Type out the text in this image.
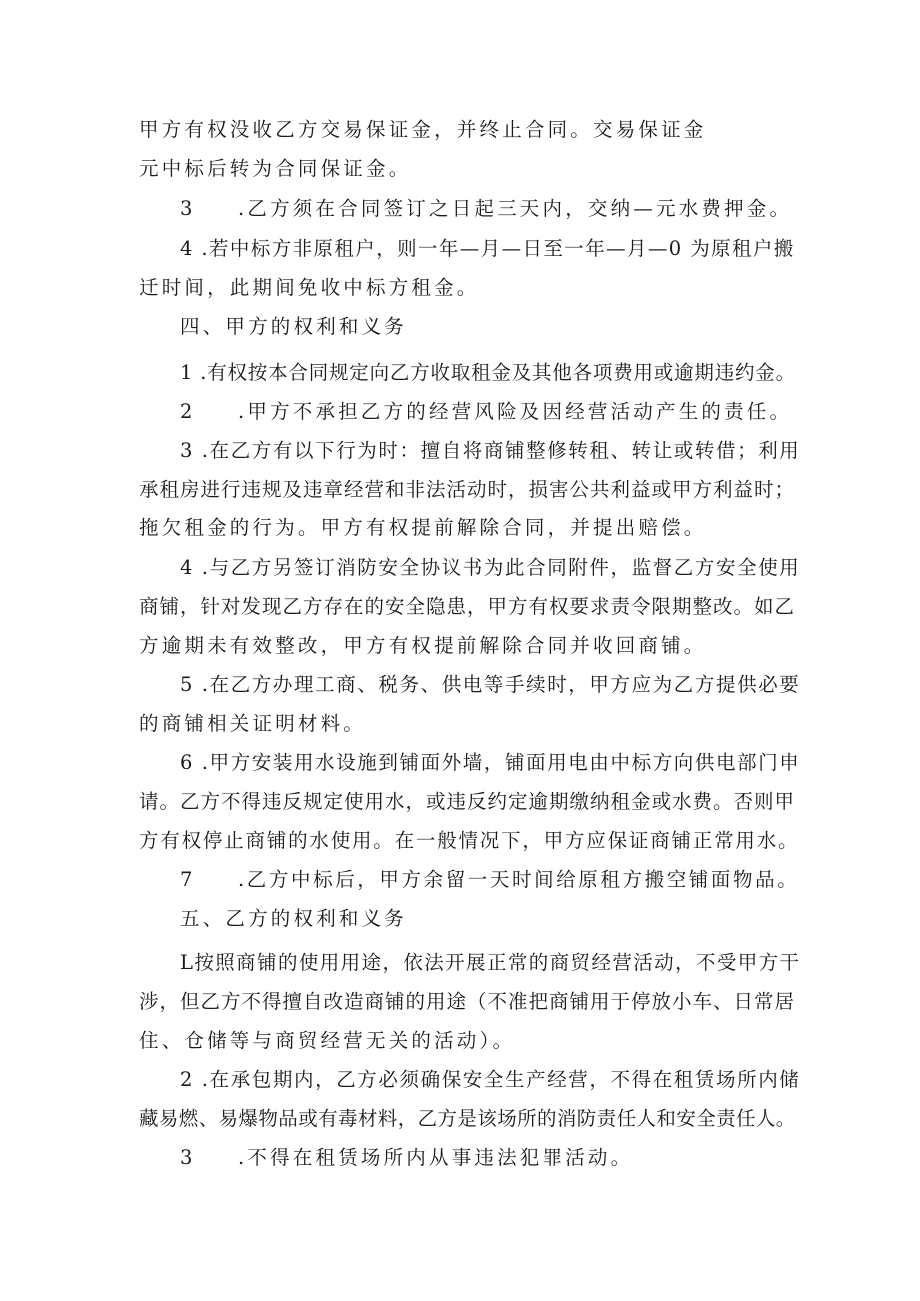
甲方有权没收乙方交易保证金，并终止合同。交易保证金
元中标后转为合同保证金。
3 .乙方须在合同签订之日起三天内，交纳—元水费押金。
4 .若中标方非原租户，则一年—月—日至一年—月—0 为原租户搬
迁时间，此期间免收中标方租金。
四、甲方的权利和义务
1 .有权按本合同规定向乙方收取租金及其他各项费用或逾期违约金。
2 .甲方不承担乙方的经营风险及因经营活动产生的责任。
3 .在乙方有以下行为时：擅自将商铺整修转租、转让或转借；利用
承租房进行违规及违章经营和非法活动时，损害公共利益或甲方利益时；
拖欠租金的行为。甲方有权提前解除合同，并提出赔偿。
4 .与乙方另签订消防安全协议书为此合同附件，监督乙方安全使用
商铺，针对发现乙方存在的安全隐患，甲方有权要求责令限期整改。如乙
方逾期未有效整改，甲方有权提前解除合同并收回商铺。
5 .在乙方办理工商、税务、供电等手续时，甲方应为乙方提供必要
的商铺相关证明材料。
6 .甲方安装用水设施到铺面外墙，铺面用电由中标方向供电部门申
请。乙方不得违反规定使用水，或违反约定逾期缴纳租金或水费。否则甲
方有权停止商铺的水使用。在一般情况下，甲方应保证商铺正常用水。
7 .乙方中标后，甲方余留一天时间给原租方搬空铺面物品。
五、乙方的权利和义务
L按照商铺的使用用途，依法开展正常的商贸经营活动，不受甲方干
涉，但乙方不得擅自改造商铺的用途（不准把商铺用于停放小车、日常居
住、仓储等与商贸经营无关的活动）。
2 .在承包期内，乙方必须确保安全生产经营，不得在租赁场所内储
藏易燃、易爆物品或有毒材料，乙方是该场所的消防责任人和安全责任人。
3 .不得在租赁场所内从事违法犯罪活动。
